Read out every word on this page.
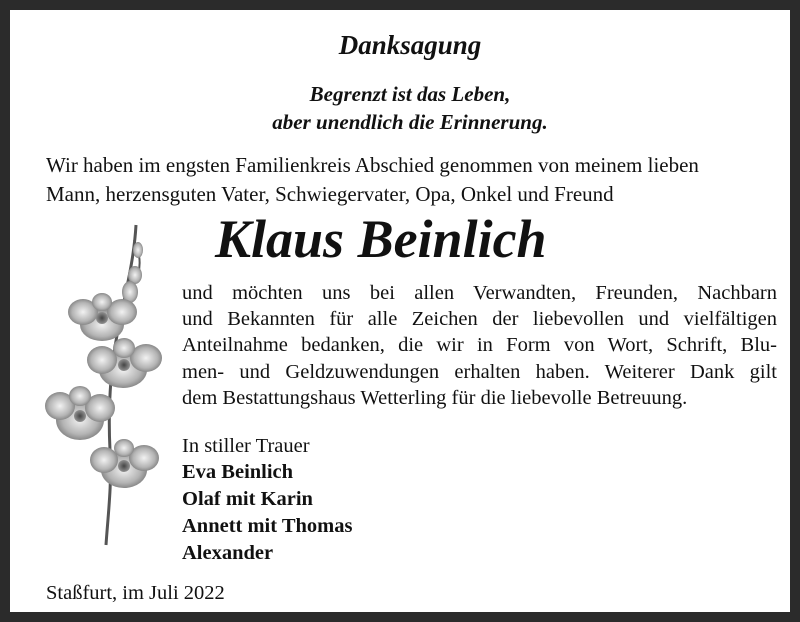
Danksagung
Begrenzt ist das Leben,
aber unendlich die Erinnerung.
Wir haben im engsten Familienkreis Abschied genommen von meinem lieben
Mann, herzensguten Vater, Schwiegervater, Opa, Onkel und Freund
Klaus Beinlich
und möchten uns bei allen Verwandten, Freunden, Nachbarn
und Bekannten für alle Zeichen der liebevollen und vielfältigen
Anteilnahme bedanken, die wir in Form von Wort, Schrift, Blu-
men- und Geldzuwendungen erhalten haben. Weiterer Dank gilt
dem Bestattungshaus Wetterling für die liebevolle Betreuung.
In stiller Trauer
Eva Beinlich
Olaf mit Karin
Annett mit Thomas
Alexander
Staßfurt, im Juli 2022
